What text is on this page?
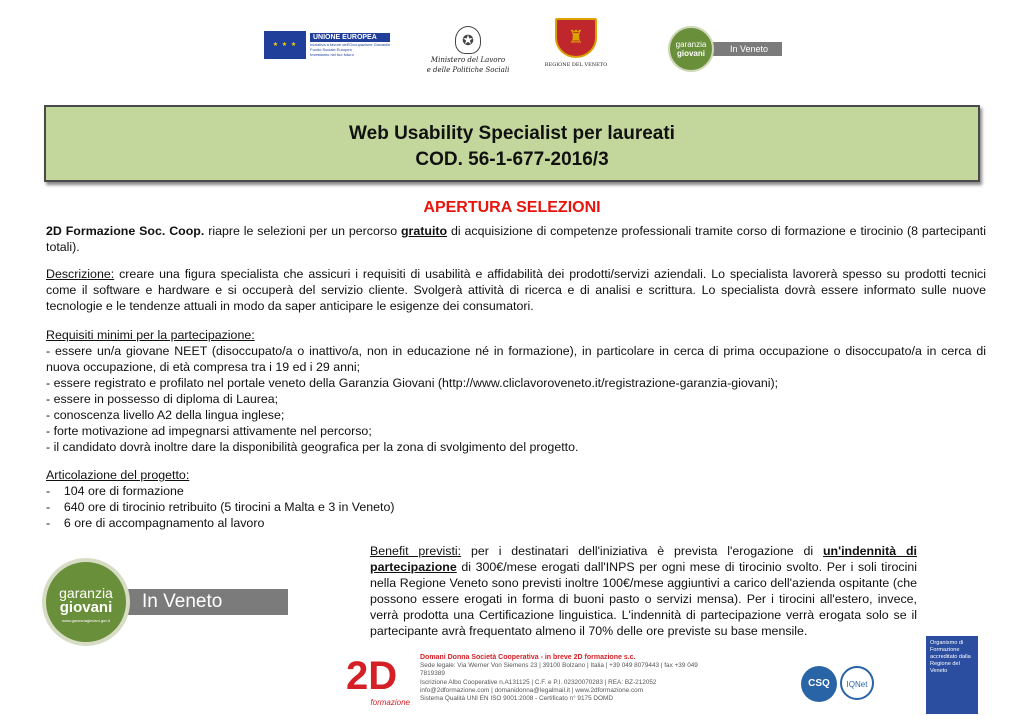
★ ★ ★
UNIONE EUROPEA
Iniziativa a favore dell'Occupazione Giovanile
Fondo Sociale Europeo
Investiamo nel tuo futuro
✪
Ministero del Lavoro
e delle Politiche Sociali
♜
REGIONE DEL VENETO
In Veneto
garanzia
giovani
Web Usability Specialist per laureati
COD. 56-1-677-2016/3
APERTURA SELEZIONI
2D Formazione Soc. Coop. riapre le selezioni per un percorso gratuito di acquisizione di competenze professionali tramite corso di formazione e tirocinio (8 partecipanti totali).
Descrizione: creare una figura specialista che assicuri i requisiti di usabilità e affidabilità dei prodotti/servizi aziendali. Lo specialista lavorerà spesso su prodotti tecnici come il software e hardware e si occuperà del servizio cliente. Svolgerà attività di ricerca e di analisi e scrittura. Lo specialista dovrà essere informato sulle nuove tecnologie e le tendenze attuali in modo da saper anticipare le esigenze dei consumatori.
Requisiti minimi per la partecipazione:
- essere un/a giovane NEET (disoccupato/a o inattivo/a, non in educazione né in formazione), in particolare in cerca di prima occupazione o disoccupato/a in cerca di nuova occupazione, di età compresa tra i 19 ed i 29 anni;
- essere registrato e profilato nel portale veneto della Garanzia Giovani (http://www.cliclavoroveneto.it/registrazione-garanzia-giovani);
- essere in possesso di diploma di Laurea;
- conoscenza livello A2 della lingua inglese;
- forte motivazione ad impegnarsi attivamente nel percorso;
- il candidato dovrà inoltre dare la disponibilità geografica per la zona di svolgimento del progetto.
Articolazione del progetto:
-    104 ore di formazione
-    640 ore di tirocinio retribuito (5 tirocini a Malta e 3 in Veneto)
-    6 ore di accompagnamento al lavoro
Benefit previsti: per i destinatari dell'iniziativa è prevista l'erogazione di un'indennità di partecipazione di 300€/mese erogati dall'INPS per ogni mese di tirocinio svolto. Per i soli tirocini nella Regione Veneto sono previsti inoltre 100€/mese aggiuntivi a carico dell'azienda ospitante (che possono essere erogati in forma di buoni pasto o servizi mensa). Per i tirocini all'estero, invece, verrà prodotta una Certificazione linguistica. L'indennità di partecipazione verrà erogata solo se il partecipante avrà frequentato almeno il 70% delle ore previste su base mensile.
In Veneto
garanzia
giovani
www.garanziagiovani.gov.it
2D
formazione
Domani Donna Società Cooperativa - in breve 2D formazione s.c.
Sede legale: Via Werner Von Siemens 23 | 39100 Bolzano | Italia | +39 049 8079443 | fax +39 049 7819389
Iscrizione Albo Cooperative n.A131125 | C.F. e P.I. 02320070283 | REA: BZ-212052
info@2dformazione.com | domanidonna@legalmail.it | www.2dformazione.com
Sistema Qualità UNI EN ISO 9001:2008 - Certificato n° 9175 DOMD
CSQ	IQNet
Organismo di Formazione accreditato dalla Regione del Veneto
